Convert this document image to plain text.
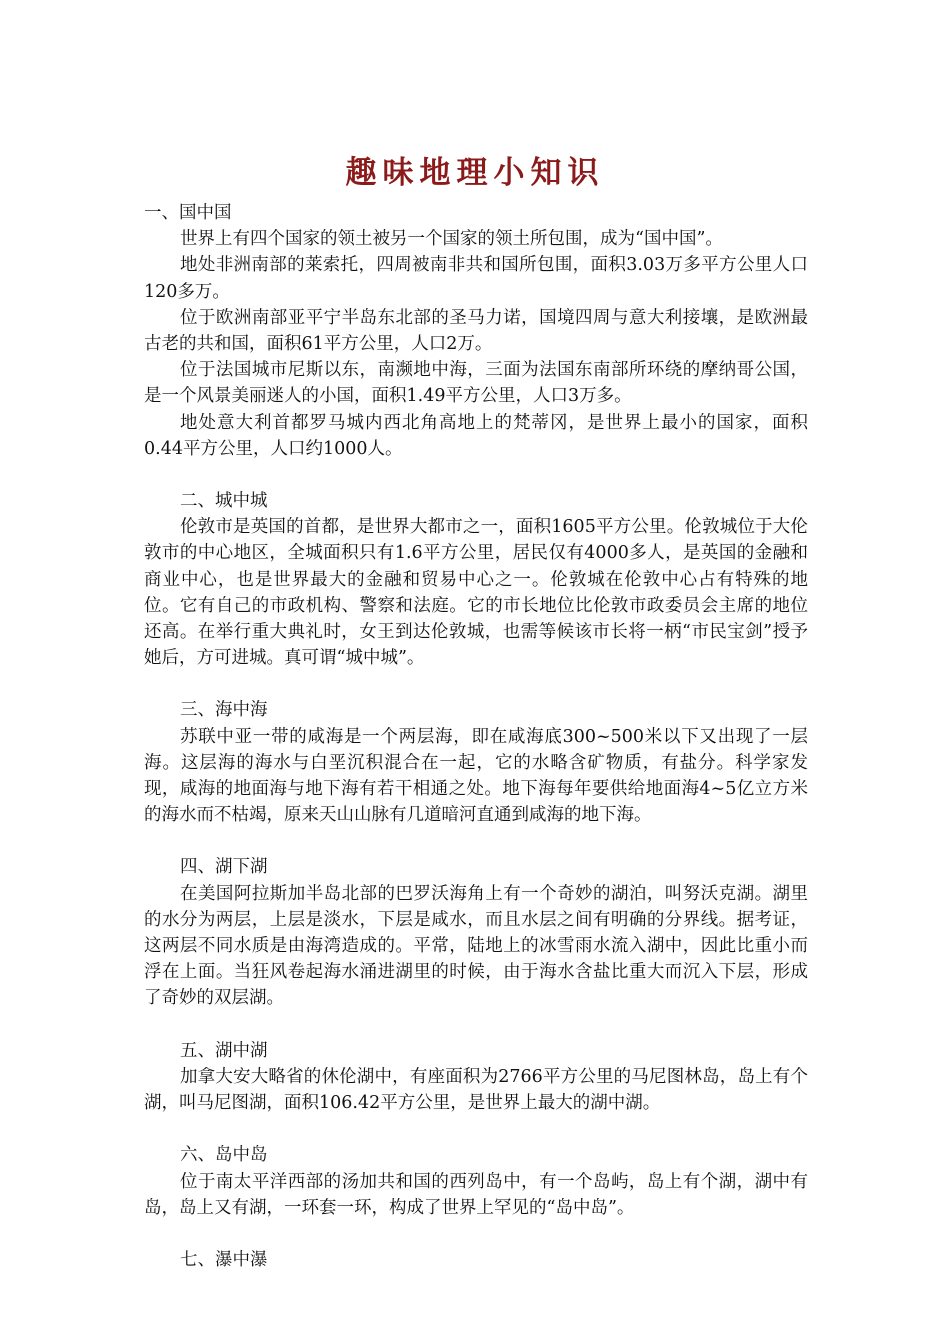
趣味地理小知识
一、国中国

世界上有四个国家的领土被另一个国家的领土所包围，成为“国中国”。

地处非洲南部的莱索托，四周被南非共和国所包围，面积3.03万多平方公里人口120多万。

位于欧洲南部亚平宁半岛东北部的圣马力诺，国境四周与意大利接壤，是欧洲最古老的共和国，面积61平方公里，人口2万。

位于法国城市尼斯以东，南濒地中海，三面为法国东南部所环绕的摩纳哥公国，是一个风景美丽迷人的小国，面积1.49平方公里，人口3万多。

地处意大利首都罗马城内西北角高地上的梵蒂冈，是世界上最小的国家，面积0.44平方公里，人口约1000人。

二、城中城

伦敦市是英国的首都，是世界大都市之一，面积1605平方公里。伦敦城位于大伦敦市的中心地区，全城面积只有1.6平方公里，居民仅有4000多人，是英国的金融和商业中心，也是世界最大的金融和贸易中心之一。伦敦城在伦敦中心占有特殊的地位。它有自己的市政机构、警察和法庭。它的市长地位比伦敦市政委员会主席的地位还高。在举行重大典礼时，女王到达伦敦城，也需等候该市长将一柄“市民宝剑”授予她后，方可进城。真可谓“城中城”。

三、海中海

苏联中亚一带的咸海是一个两层海，即在咸海底300~500米以下又出现了一层海。这层海的海水与白垩沉积混合在一起，它的水略含矿物质，有盐分。科学家发现，咸海的地面海与地下海有若干相通之处。地下海每年要供给地面海4~5亿立方米的海水而不枯竭，原来天山山脉有几道暗河直通到咸海的地下海。

四、湖下湖

在美国阿拉斯加半岛北部的巴罗沃海角上有一个奇妙的湖泊，叫努沃克湖。湖里的水分为两层，上层是淡水，下层是咸水，而且水层之间有明确的分界线。据考证，这两层不同水质是由海湾造成的。平常，陆地上的冰雪雨水流入湖中，因此比重小而浮在上面。当狂风卷起海水涌进湖里的时候，由于海水含盐比重大而沉入下层，形成了奇妙的双层湖。

五、湖中湖

加拿大安大略省的休伦湖中，有座面积为2766平方公里的马尼图林岛，岛上有个湖，叫马尼图湖，面积106.42平方公里，是世界上最大的湖中湖。

六、岛中岛

位于南太平洋西部的汤加共和国的西列岛中，有一个岛屿，岛上有个湖，湖中有岛，岛上又有湖，一环套一环，构成了世界上罕见的“岛中岛”。

七、瀑中瀑
